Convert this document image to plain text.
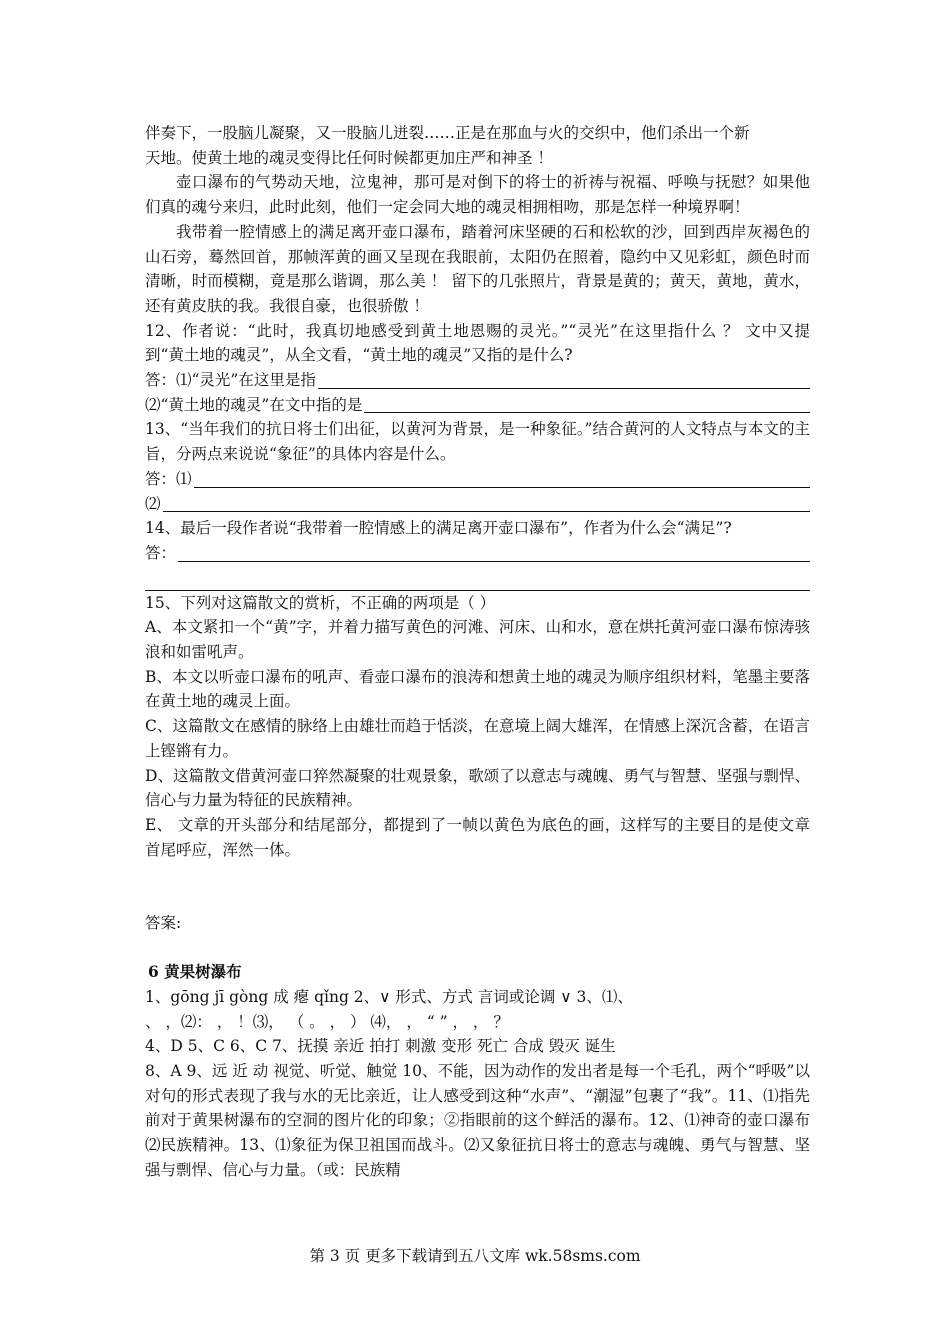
伴奏下，一股脑儿凝聚，又一股脑儿迸裂……正是在那血与火的交织中，他们杀出一个新

天地。使黄土地的魂灵变得比任何时候都更加庄严和神圣 ！

壶口瀑布的气势动天地，泣鬼神，那可是对倒下的将士的祈祷与祝福、呼唤与抚慰？如果他们真的魂兮来归，此时此刻，他们一定会同大地的魂灵相拥相吻，那是怎样一种境界啊！

我带着一腔情感上的满足离开壶口瀑布，踏着河床坚硬的石和松软的沙，回到西岸灰褐色的山石旁，蓦然回首，那帧浑黄的画又呈现在我眼前，太阳仍在照着，隐约中又见彩虹，颜色时而清晰，时而模糊，竟是那么谐调，那么美 ！ 留下的几张照片，背景是黄的；黄天，黄地，黄水，还有黄皮肤的我。我很自豪，也很骄傲 ！

12、作者说：“此时，我真切地感受到黄土地恩赐的灵光。”“灵光”在这里指什么 ？ 文中又提到“黄土地的魂灵”，从全文看，“黄土地的魂灵”又指的是什么?

答：⑴“灵光”在这里是指
⑵“黄土地的魂灵”在文中指的是

13、“当年我们的抗日将士们出征，以黄河为背景，是一种象征。”结合黄河的人文特点与本文的主旨，分两点来说说“象征”的具体内容是什么。

答：⑴
⑵

14、最后一段作者说“我带着一腔情感上的满足离开壶口瀑布”，作者为什么会“满足”?

答：

15、下列对这篇散文的赏析，不正确的两项是（ ）

A、本文紧扣一个“黄”字，并着力描写黄色的河滩、河床、山和水，意在烘托黄河壶口瀑布惊涛骇浪和如雷吼声。

B、本文以听壶口瀑布的吼声、看壶口瀑布的浪涛和想黄土地的魂灵为顺序组织材料，笔墨主要落在黄土地的魂灵上面。

C、这篇散文在感情的脉络上由雄壮而趋于恬淡，在意境上阔大雄浑，在情感上深沉含蓄，在语言上铿锵有力。

D、这篇散文借黄河壶口猝然凝聚的壮观景象，歌颂了以意志与魂魄、勇气与智慧、坚强与剽悍、信心与力量为特征的民族精神。

E、 文章的开头部分和结尾部分，都提到了一帧以黄色为底色的画，这样写的主要目的是使文章首尾呼应，浑然一体。

答案:

6 黄果树瀑布

1、gōng jī gòng 成 瘪 qǐng 2、∨ 形式、方式 言词或论调 ∨ 3、⑴、

、 ，⑵： ， ！⑶， （ 。 ， ） ⑷， ， “ ” ， ， ？

4、D 5、C 6、C 7、抚摸 亲近 拍打 刺激 变形 死亡 合成 毁灭 诞生

8、A 9、远 近 动 视觉、听觉、触觉 10、不能，因为动作的发出者是每一个毛孔，两个“呼吸”以对句的形式表现了我与水的无比亲近，让人感受到这种“水声”、“潮湿”包裹了“我”。11、⑴指先前对于黄果树瀑布的空洞的图片化的印象；②指眼前的这个鲜活的瀑布。12、⑴神奇的壶口瀑布 ⑵民族精神。13、⑴象征为保卫祖国而战斗。⑵又象征抗日将士的意志与魂魄、勇气与智慧、坚强与剽悍、信心与力量。（或：民族精

第 3 页 更多下载请到五八文库 wk.58sms.com
